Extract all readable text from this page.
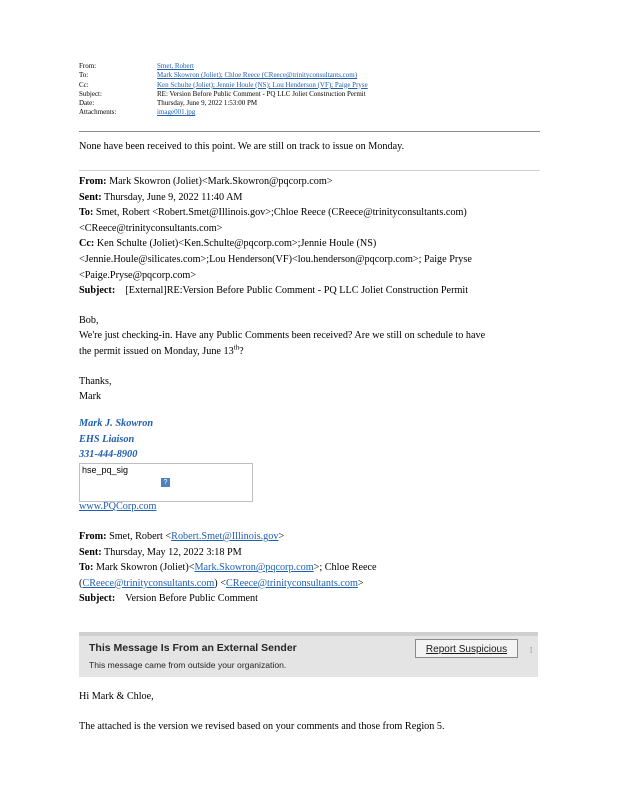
From:	Smet, Robert
To:	Mark Skowron (Joliet); Chloe Reece (CReece@trinityconsultants.com)
Cc:	Ken Schulte (Joliet); Jennie Houle (NS); Lou Henderson (VF); Paige Pryse
Subject:	RE: Version Before Public Comment - PQ LLC Joliet Construction Permit
Date:	Thursday, June 9, 2022 1:53:00 PM
Attachments:	image001.jpg
None have been received to this point. We are still on track to issue on Monday.
From: Mark Skowron (Joliet)<Mark.Skowron@pqcorp.com>
Sent: Thursday, June 9, 2022 11:40 AM
To: Smet, Robert <Robert.Smet@Illinois.gov>;Chloe Reece (CReece@trinityconsultants.com)
<CReece@trinityconsultants.com>
Cc: Ken Schulte (Joliet)<Ken.Schulte@pqcorp.com>;Jennie Houle (NS)
<Jennie.Houle@silicates.com>;Lou Henderson(VF)<lou.henderson@pqcorp.com>; Paige Pryse
<Paige.Pryse@pqcorp.com>
Subject: [External]RE:Version Before Public Comment - PQ LLC Joliet Construction Permit
Bob,
We're just checking-in. Have any Public Comments been received? Are we still on schedule to have
the permit issued on Monday, June 13th?
Thanks,
Mark
Mark J. Skowron
EHS Liaison
331-444-8900
hse_pq_sig
?
www.PQCorp.com
From: Smet, Robert <Robert.Smet@Illinois.gov>
Sent: Thursday, May 12, 2022 3:18 PM
To: Mark Skowron (Joliet)<Mark.Skowron@pqcorp.com>; Chloe Reece
(CReece@trinityconsultants.com) <CReece@trinityconsultants.com>
Subject: Version Before Public Comment
This Message Is From an External Sender
This message came from outside your organization.
Report Suspicious	⁞
Hi Mark & Chloe,
The attached is the version we revised based on your comments and those from Region 5.
